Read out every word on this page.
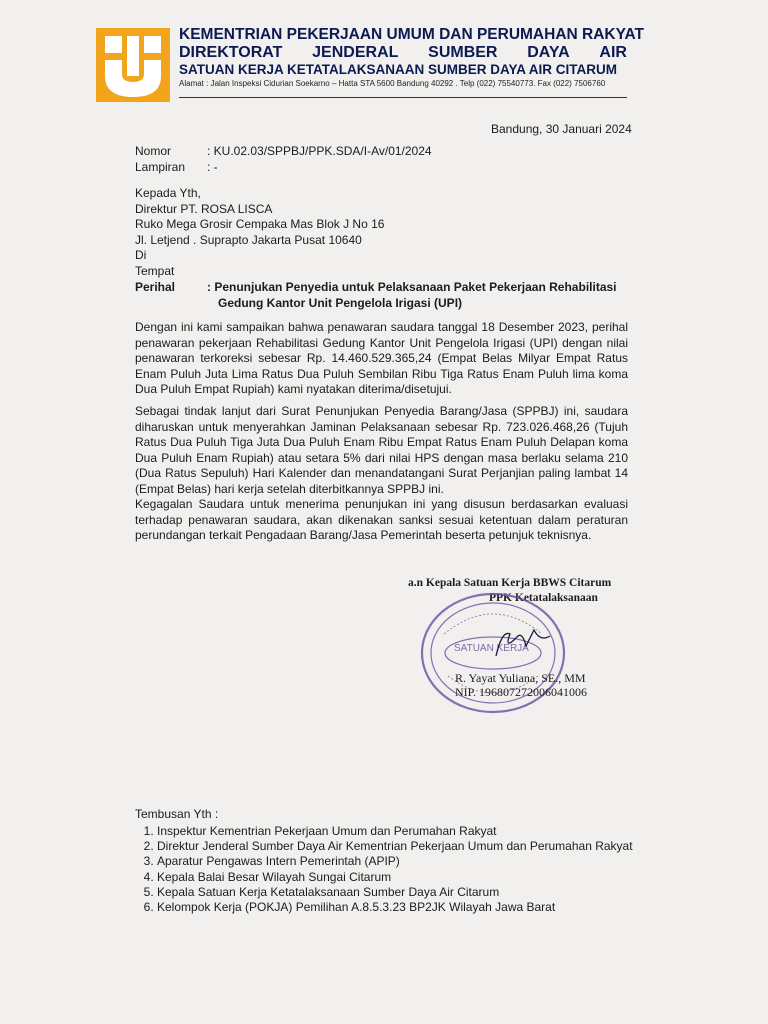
KEMENTRIAN PEKERJAAN UMUM DAN PERUMAHAN RAKYAT
DIREKTORAT JENDERAL SUMBER DAYA AIR
SATUAN KERJA KETATALAKSANAAN SUMBER DAYA AIR CITARUM
Alamat : Jalan Inspeksi Cidurian Soekarno – Hatta STA 5600 Bandung 40292 . Telp (022) 75540773. Fax (022) 7506760
Bandung, 30 Januari 2024
Nomor	: KU.02.03/SPPBJ/PPK.SDA/I-Av/01/2024
Lampiran : -
Kepada Yth,
Direktur PT. ROSA LISCA
Ruko Mega Grosir Cempaka Mas Blok J No 16
Jl. Letjend . Suprapto Jakarta Pusat 10640
Di
Tempat
Perihal	: Penunjukan Penyedia untuk Pelaksanaan Paket Pekerjaan Rehabilitasi
Gedung Kantor Unit Pengelola Irigasi (UPI)
Dengan ini kami sampaikan bahwa penawaran saudara tanggal 18 Desember 2023, perihal penawaran pekerjaan Rehabilitasi Gedung Kantor Unit Pengelola Irigasi (UPI) dengan nilai penawaran terkoreksi sebesar Rp. 14.460.529.365,24 (Empat Belas Milyar Empat Ratus Enam Puluh Juta Lima Ratus Dua Puluh Sembilan Ribu Tiga Ratus Enam Puluh lima koma Dua Puluh Empat Rupiah) kami nyatakan diterima/disetujui.
Sebagai tindak lanjut dari Surat Penunjukan Penyedia Barang/Jasa (SPPBJ) ini, saudara diharuskan untuk menyerahkan Jaminan Pelaksanaan sebesar Rp. 723.026.468,26 (Tujuh Ratus Dua Puluh Tiga Juta Dua Puluh Enam Ribu Empat Ratus Enam Puluh Delapan koma Dua Puluh Enam Rupiah) atau setara 5% dari nilai HPS dengan masa berlaku selama 210 (Dua Ratus Sepuluh) Hari Kalender dan menandatangani Surat Perjanjian paling lambat 14 (Empat Belas) hari kerja setelah diterbitkannya SPPBJ ini.
Kegagalan Saudara untuk menerima penunjukan ini yang disusun berdasarkan evaluasi terhadap penawaran saudara, akan dikenakan sanksi sesuai ketentuan dalam peraturan perundangan terkait Pengadaan Barang/Jasa Pemerintah beserta petunjuk teknisnya.
a.n Kepala Satuan Kerja BBWS Citarum
PPK Ketatalaksanaan
SATUAN KERJA
R. Yayat Yuliana, SE., MM
NIP. 196807272006041006
Tembusan Yth :
1. Inspektur Kementrian Pekerjaan Umum dan Perumahan Rakyat
2. Direktur Jenderal Sumber Daya Air Kementrian Pekerjaan Umum dan Perumahan Rakyat
3. Aparatur Pengawas Intern Pemerintah (APIP)
4. Kepala Balai Besar Wilayah Sungai Citarum
5. Kepala Satuan Kerja Ketatalaksanaan Sumber Daya Air Citarum
6. Kelompok Kerja (POKJA) Pemilihan A.8.5.3.23 BP2JK Wilayah Jawa Barat
